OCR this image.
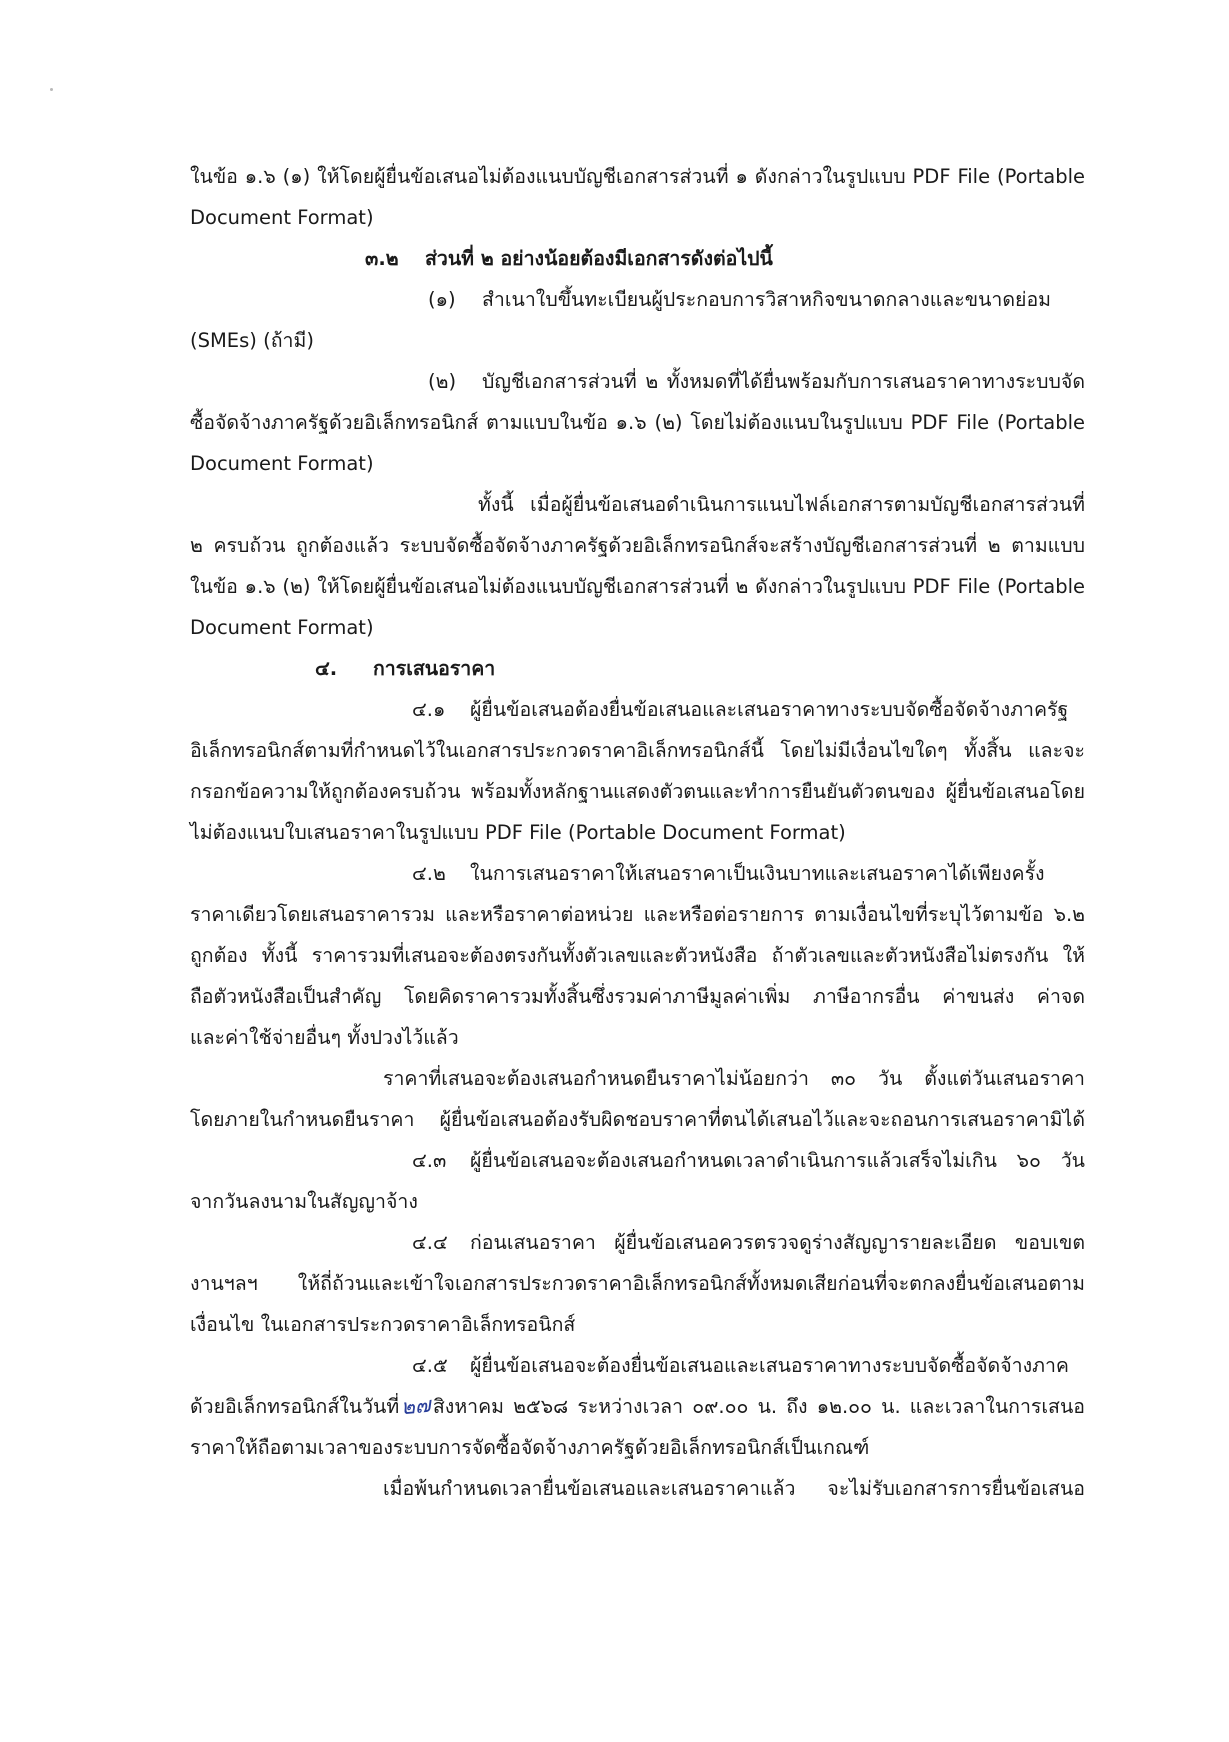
ในข้อ ๑.๖ (๑) ให้โดยผู้ยื่นข้อเสนอไม่ต้องแนบบัญชีเอกสารส่วนที่ ๑ ดังกล่าวในรูปแบบ PDF File (Portable
Document Format)
๓.๒ ส่วนที่ ๒ อย่างน้อยต้องมีเอกสารดังต่อไปนี้
(๑) สำเนาใบขึ้นทะเบียนผู้ประกอบการวิสาหกิจขนาดกลางและขนาดย่อม
(SMEs) (ถ้ามี)
(๒) บัญชีเอกสารส่วนที่ ๒ ทั้งหมดที่ได้ยื่นพร้อมกับการเสนอราคาทางระบบจัด
ซื้อจัดจ้างภาครัฐด้วยอิเล็กทรอนิกส์ ตามแบบในข้อ ๑.๖ (๒) โดยไม่ต้องแนบในรูปแบบ PDF File (Portable
Document Format)
ทั้งนี้ เมื่อผู้ยื่นข้อเสนอดำเนินการแนบไฟล์เอกสารตามบัญชีเอกสารส่วนที่
๒ ครบถ้วน ถูกต้องแล้ว ระบบจัดซื้อจัดจ้างภาครัฐด้วยอิเล็กทรอนิกส์จะสร้างบัญชีเอกสารส่วนที่ ๒ ตามแบบ
ในข้อ ๑.๖ (๒) ให้โดยผู้ยื่นข้อเสนอไม่ต้องแนบบัญชีเอกสารส่วนที่ ๒ ดังกล่าวในรูปแบบ PDF File (Portable
Document Format)
๔. การเสนอราคา
๔.๑ ผู้ยื่นข้อเสนอต้องยื่นข้อเสนอและเสนอราคาทางระบบจัดซื้อจัดจ้างภาครัฐ
อิเล็กทรอนิกส์ตามที่กำหนดไว้ในเอกสารประกวดราคาอิเล็กทรอนิกส์นี้ โดยไม่มีเงื่อนไขใดๆ ทั้งสิ้น และจะ
กรอกข้อความให้ถูกต้องครบถ้วน พร้อมทั้งหลักฐานแสดงตัวตนและทำการยืนยันตัวตนของ ผู้ยื่นข้อเสนอโดย
ไม่ต้องแนบใบเสนอราคาในรูปแบบ PDF File (Portable Document Format)
๔.๒ ในการเสนอราคาให้เสนอราคาเป็นเงินบาทและเสนอราคาได้เพียงครั้ง
ราคาเดียวโดยเสนอราคารวม และหรือราคาต่อหน่วย และหรือต่อรายการ ตามเงื่อนไขที่ระบุไว้ตามข้อ ๖.๒
ถูกต้อง ทั้งนี้ ราคารวมที่เสนอจะต้องตรงกันทั้งตัวเลขและตัวหนังสือ ถ้าตัวเลขและตัวหนังสือไม่ตรงกัน ให้
ถือตัวหนังสือเป็นสำคัญ โดยคิดราคารวมทั้งสิ้นซึ่งรวมค่าภาษีมูลค่าเพิ่ม ภาษีอากรอื่น ค่าขนส่ง ค่าจด
และค่าใช้จ่ายอื่นๆ ทั้งปวงไว้แล้ว
ราคาที่เสนอจะต้องเสนอกำหนดยืนราคาไม่น้อยกว่า ๓๐ วัน ตั้งแต่วันเสนอราคา
โดยภายในกำหนดยืนราคา ผู้ยื่นข้อเสนอต้องรับผิดชอบราคาที่ตนได้เสนอไว้และจะถอนการเสนอราคามิได้
๔.๓ ผู้ยื่นข้อเสนอจะต้องเสนอกำหนดเวลาดำเนินการแล้วเสร็จไม่เกิน ๖๐ วัน
จากวันลงนามในสัญญาจ้าง
๔.๔ ก่อนเสนอราคา ผู้ยื่นข้อเสนอควรตรวจดูร่างสัญญารายละเอียด ขอบเขต
งานฯลฯ ให้ถี่ถ้วนและเข้าใจเอกสารประกวดราคาอิเล็กทรอนิกส์ทั้งหมดเสียก่อนที่จะตกลงยื่นข้อเสนอตาม
เงื่อนไข ในเอกสารประกวดราคาอิเล็กทรอนิกส์
๔.๕ ผู้ยื่นข้อเสนอจะต้องยื่นข้อเสนอและเสนอราคาทางระบบจัดซื้อจัดจ้างภาค
ด้วยอิเล็กทรอนิกส์ในวันที่๒๗สิงหาคม ๒๕๖๘ ระหว่างเวลา ๐๙.๐๐ น. ถึง ๑๒.๐๐ น. และเวลาในการเสนอ
ราคาให้ถือตามเวลาของระบบการจัดซื้อจัดจ้างภาครัฐด้วยอิเล็กทรอนิกส์เป็นเกณฑ์
เมื่อพ้นกำหนดเวลายื่นข้อเสนอและเสนอราคาแล้ว จะไม่รับเอกสารการยื่นข้อเสนอ
